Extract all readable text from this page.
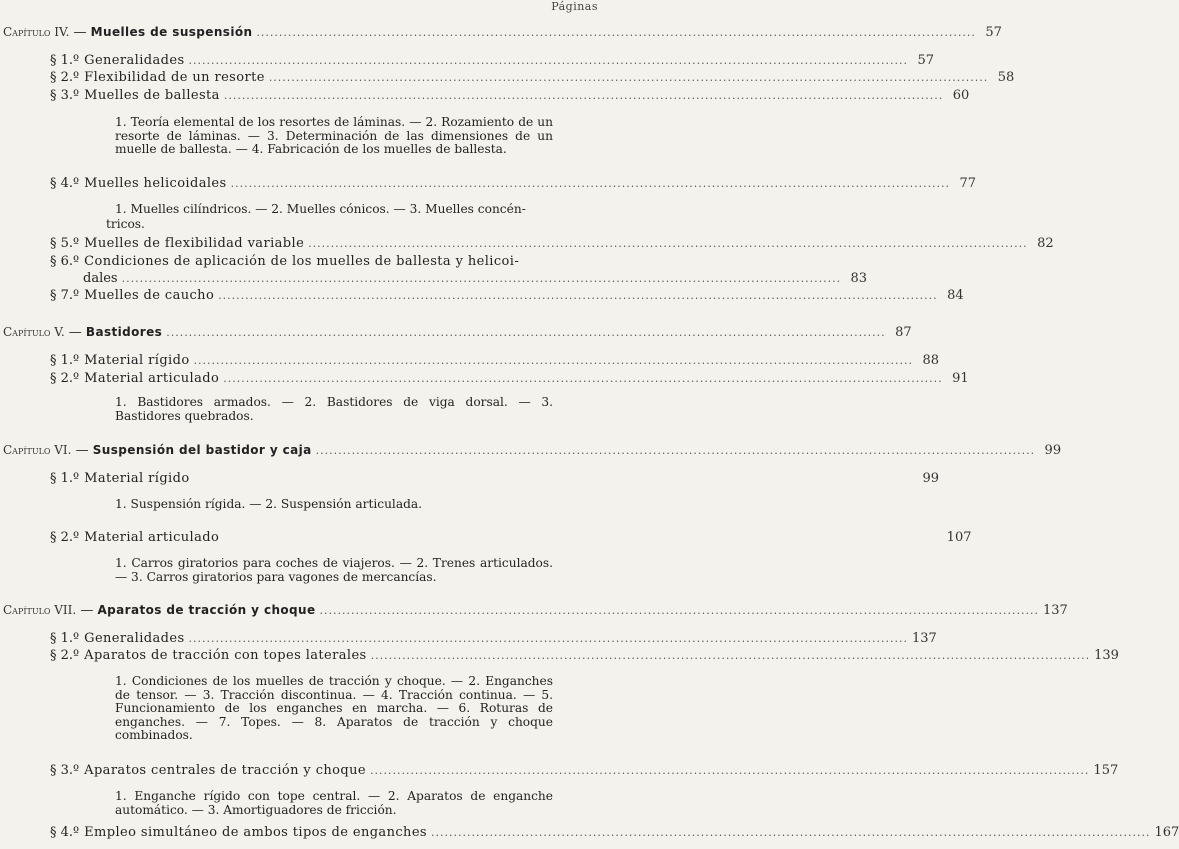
Páginas
Capítulo IV. — Muelles de suspensión .....	57
§ 1.º Generalidades .....	57
§ 2.º Flexibilidad de un resorte .....	58
§ 3.º Muelles de ballesta .....	60
1. Teoría elemental de los resortes de láminas. — 2. Rozamiento de un resorte de láminas. — 3. Determinación de las dimensiones de un muelle de ballesta. — 4. Fabricación de los muelles de ballesta.
§ 4.º Muelles helicoidales .....	77
1. Muelles cilíndricos. — 2. Muelles cónicos. — 3. Muelles concén-
tricos.
§ 5.º Muelles de flexibilidad variable .....	82
§ 6.º Condiciones de aplicación de los muelles de ballesta y helicoi-
dales .....	83
§ 7.º Muelles de caucho .....	84
Capítulo V. — Bastidores .....	87
§ 1.º Material rígido .....	88
§ 2.º Material articulado .....	91
1. Bastidores armados. — 2. Bastidores de viga dorsal. — 3. Bastidores quebrados.
Capítulo VI. — Suspensión del bastidor y caja .....	99
§ 1.º Material rígido	99
1. Suspensión rígida. — 2. Suspensión articulada.
§ 2.º Material articulado	107
1. Carros giratorios para coches de viajeros. — 2. Trenes articulados. — 3. Carros giratorios para vagones de mercancías.
Capítulo VII. — Aparatos de tracción y choque .....	137
§ 1.º Generalidades .....	137
§ 2.º Aparatos de tracción con topes laterales .....	139
1. Condiciones de los muelles de tracción y choque. — 2. Enganches de tensor. — 3. Tracción discontinua. — 4. Tracción continua. — 5. Funcionamiento de los enganches en marcha. — 6. Roturas de enganches. — 7. Topes. — 8. Aparatos de tracción y choque combinados.
§ 3.º Aparatos centrales de tracción y choque .....	157
1. Enganche rígido con tope central. — 2. Aparatos de enganche automático. — 3. Amortiguadores de fricción.
§ 4.º Empleo simultáneo de ambos tipos de enganches .....	167
